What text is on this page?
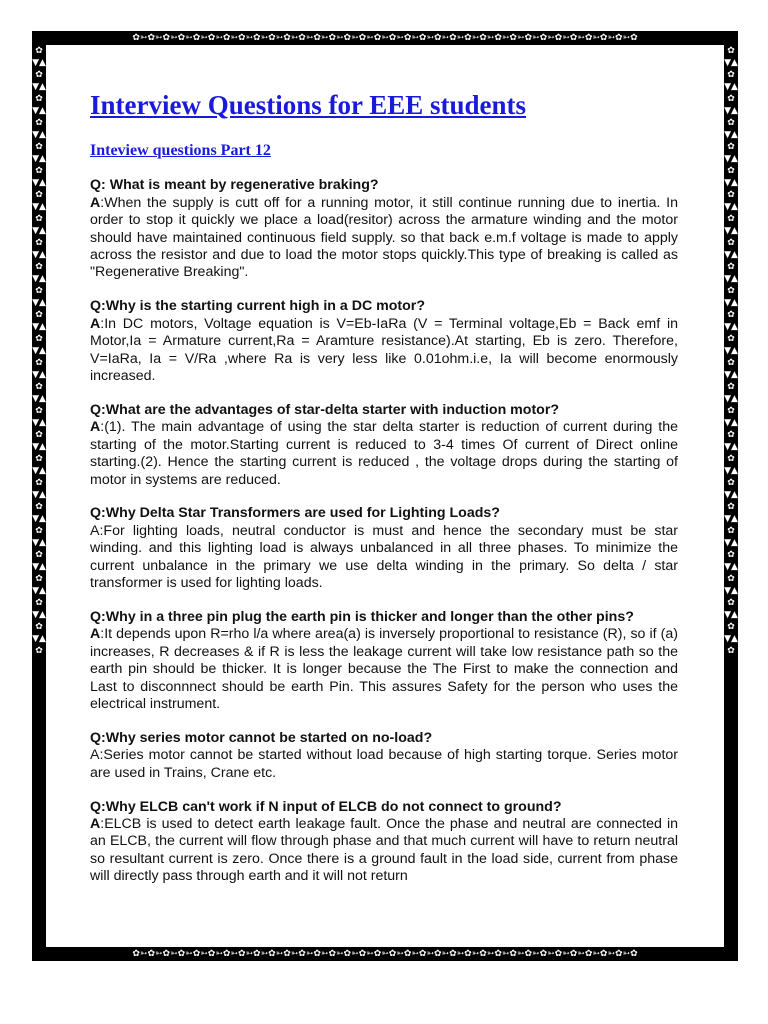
✿➳✿➳✿➳✿➳✿➳✿➳✿➳✿➳✿➳✿➳✿➳✿➳✿➳✿➳✿➳✿➳✿➳✿➳✿➳✿➳✿➳✿➳✿➳✿➳✿➳✿➳✿➳✿➳✿➳✿➳✿➳✿➳✿➳✿
✿➳✿➳✿➳✿➳✿➳✿➳✿➳✿➳✿➳✿➳✿➳✿➳✿➳✿➳✿➳✿➳✿➳✿➳✿➳✿➳✿➳✿➳✿➳✿➳✿➳✿➳✿➳✿➳✿➳✿➳✿➳✿➳✿➳✿
✿▼▲✿▼▲✿▼▲✿▼▲✿▼▲✿▼▲✿▼▲✿▼▲✿▼▲✿▼▲✿▼▲✿▼▲✿▼▲✿▼▲✿▼▲✿▼▲✿▼▲✿▼▲✿▼▲✿▼▲✿▼▲✿▼▲✿▼▲✿▼▲✿▼▲✿
✿▼▲✿▼▲✿▼▲✿▼▲✿▼▲✿▼▲✿▼▲✿▼▲✿▼▲✿▼▲✿▼▲✿▼▲✿▼▲✿▼▲✿▼▲✿▼▲✿▼▲✿▼▲✿▼▲✿▼▲✿▼▲✿▼▲✿▼▲✿▼▲✿▼▲✿
Interview Questions for EEE students
Inteview questions Part 12
Q: What is meant by regenerative braking?
A:When the supply is cutt off for a running motor, it still continue running due to inertia. In order to stop it quickly we place a load(resitor) across the armature winding and the motor should have maintained continuous field supply. so that back e.m.f voltage is made to apply across the resistor and due to load the motor stops quickly.This type of breaking is called as "Regenerative Breaking".
Q:Why is the starting current high in a DC motor?
A:In DC motors, Voltage equation is V=Eb-IaRa (V = Terminal voltage,Eb = Back emf in Motor,Ia = Armature current,Ra = Aramture resistance).At starting, Eb is zero. Therefore, V=IaRa, Ia = V/Ra ,where Ra is very less like 0.01ohm.i.e, Ia will become enormously increased.
Q:What are the advantages of star-delta starter with induction motor?
A:(1). The main advantage of using the star delta starter is reduction of current during the starting of the motor.Starting current is reduced to 3-4 times Of current of Direct online starting.(2). Hence the starting current is reduced , the voltage drops during the starting of motor in systems are reduced.
Q:Why Delta Star Transformers are used for Lighting Loads?
A:For lighting loads, neutral conductor is must and hence the secondary must be star winding. and this lighting load is always unbalanced in all three phases. To minimize the current unbalance in the primary we use delta winding in the primary. So delta / star transformer is used for lighting loads.
Q:Why in a three pin plug the earth pin is thicker and longer than the other pins?
A:It depends upon R=rho l/a where area(a) is inversely proportional to resistance (R), so if (a) increases, R decreases & if R is less the leakage current will take low resistance path so the earth pin should be thicker. It is longer because the The First to make the connection and Last to disconnnect should be earth Pin. This assures Safety for the person who uses the electrical instrument.
Q:Why series motor cannot be started on no-load?
A:Series motor cannot be started without load because of high starting torque. Series motor are used in Trains, Crane etc.
Q:Why ELCB can't work if N input of ELCB do not connect to ground?
A:ELCB is used to detect earth leakage fault. Once the phase and neutral are connected in an ELCB, the current will flow through phase and that much current will have to return neutral so resultant current is zero. Once there is a ground fault in the load side, current from phase will directly pass through earth and it will not return
